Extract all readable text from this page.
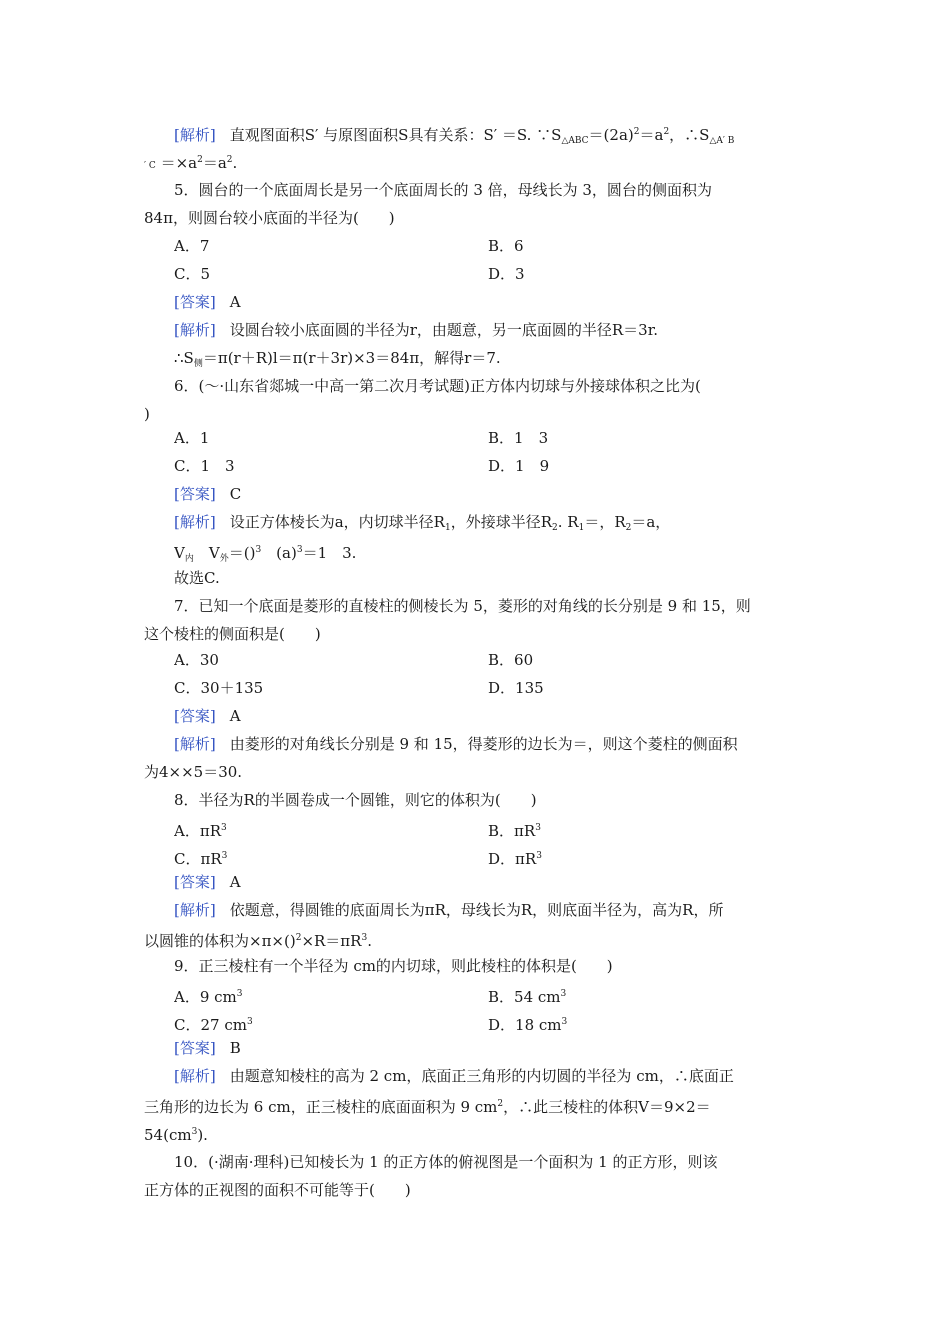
[解析] 直观图面积S′ 与原图面积S具有关系：S′ ＝S. $\because S_{\triangle ABC}=(2a)^2=a^2$，$\therefore S_{\triangle A' B}$
′ $C =\times a^2=a^2$.
5．圆台的一个底面周长是另一个底面周长的 3 倍，母线长为 3，圆台的侧面积为
84π，则圆台较小底面的半径为(　　)
A．7	B．6
C．5	D．3
[答案] A
[解析] 设圆台较小底面圆的半径为r，由题意，另一底面圆的半径R＝3r.
$\therefore S_侧=\pi(r+R)l=\pi(r+3r)\times 3=84\pi$，解得r＝7.
6．(～·山东省郯城一中高一第二次月考试题)正方体内切球与外接球体积之比为(
)
A．1	B．1　3
C．1　3	D．1　9
[答案] C
[解析] 设正方体棱长为a，内切球半径$R_1$，外接球半径$R_2$. $R_1=$，$R_2=a$，
$V_内$　$V_外=()^3$　$(a)^3=1$　3.
故选C.
7．已知一个底面是菱形的直棱柱的侧棱长为 5，菱形的对角线的长分别是 9 和 15，则
这个棱柱的侧面积是(　　)
A．30	B．60
C．30＋135	D．135
[答案] A
[解析] 由菱形的对角线长分别是 9 和 15，得菱形的边长为＝，则这个菱柱的侧面积
为4××5＝30.
8．半径为R的半圆卷成一个圆锥，则它的体积为(　　)
A．$\pi R^3$	B．$\pi R^3$
C．$\pi R^3$	D．$\pi R^3$
[答案] A
[解析] 依题意，得圆锥的底面周长为πR，母线长为R，则底面半径为，高为R，所
以圆锥的体积为$\times\pi\times()^2\times R=\pi R^3$.
9．正三棱柱有一个半径为 cm的内切球，则此棱柱的体积是(　　)
A．9 $cm^3$	B．54 $cm^3$
C．27 $cm^3$	D．18 $cm^3$
[答案] B
[解析] 由题意知棱柱的高为 2 cm，底面正三角形的内切圆的半径为 cm，∴底面正
三角形的边长为 6 cm，正三棱柱的底面面积为 9 $cm^2$，∴此三棱柱的体积V＝9×2＝
$54(cm^3)$.
10．(·湖南·理科)已知棱长为 1 的正方体的俯视图是一个面积为 1 的正方形，则该
正方体的正视图的面积不可能等于(　　)
